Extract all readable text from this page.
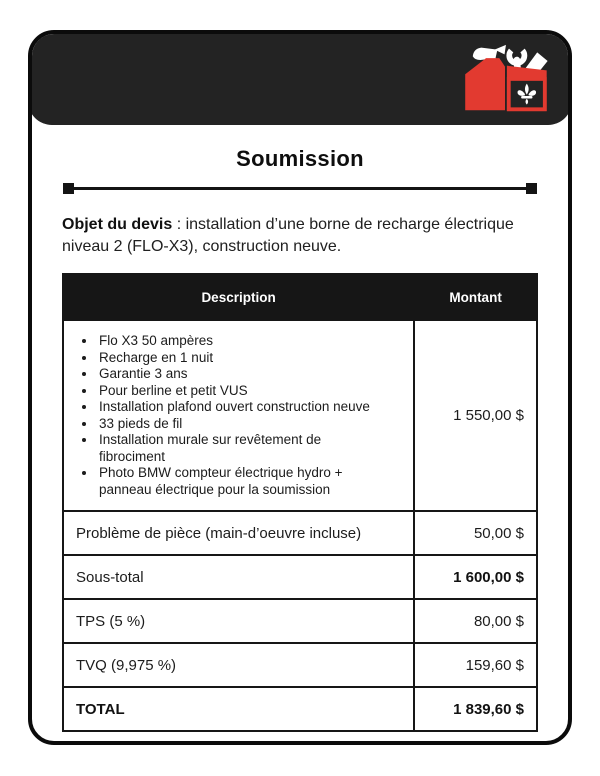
Soumission

Objet du devis : installation d’une borne de recharge électrique niveau 2 (FLO-X3), construction neuve.

Description	Montant
• Flo X3 50 ampères
• Recharge en 1 nuit
• Garantie 3 ans
• Pour berline et petit VUS
• Installation plafond ouvert construction neuve
• 33 pieds de fil
• Installation murale sur revêtement de fibrociment
• Photo BMW compteur électrique hydro + panneau électrique pour la soumission
1 550,00 $
Problème de pièce (main-d’oeuvre incluse)	50,00 $
Sous-total	1 600,00 $
TPS (5 %)	80,00 $
TVQ (9,975 %)	159,60 $
TOTAL	1 839,60 $
